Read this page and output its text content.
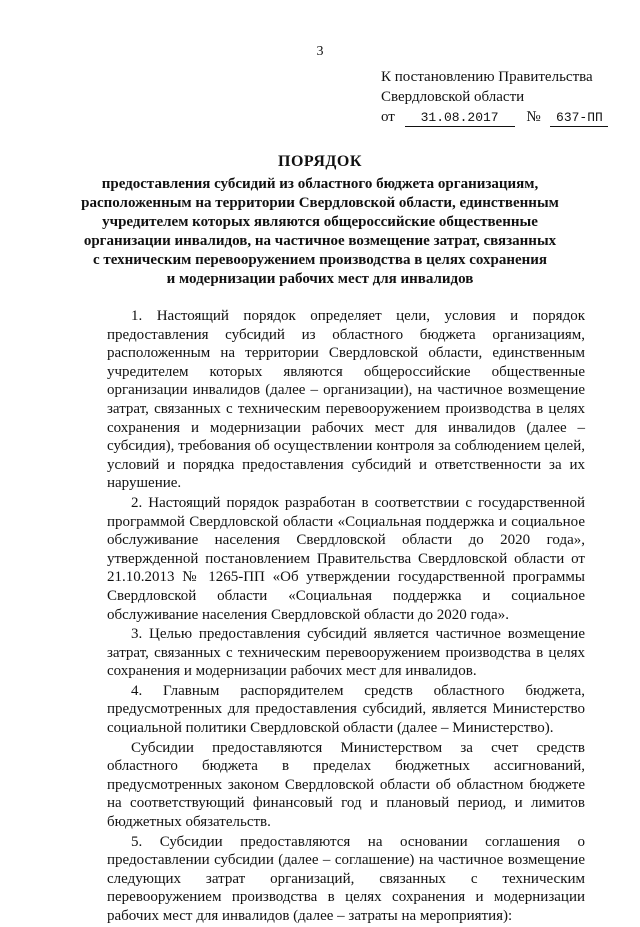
3
К постановлению Правительства
Свердловской области
от 31.08.2017 № 637-ПП
ПОРЯДОК
предоставления субсидий из областного бюджета организациям,
расположенным на территории Свердловской области, единственным
учредителем которых являются общероссийские общественные
организации инвалидов, на частичное возмещение затрат, связанных
с техническим перевооружением производства в целях сохранения
и модернизации рабочих мест для инвалидов

1. Настоящий порядок определяет цели, условия и порядок предоставления субсидий из областного бюджета организациям, расположенным на территории Свердловской области, единственным учредителем которых являются общероссийские общественные организации инвалидов (далее – организации), на частичное возмещение затрат, связанных с техническим перевооружением производства в целях сохранения и модернизации рабочих мест для инвалидов (далее – субсидия), требования об осуществлении контроля за соблюдением целей, условий и порядка предоставления субсидий и ответственности за их нарушение.

2. Настоящий порядок разработан в соответствии с государственной программой Свердловской области «Социальная поддержка и социальное обслуживание населения Свердловской области до 2020 года», утвержденной постановлением Правительства Свердловской области от 21.10.2013 № 1265-ПП «Об утверждении государственной программы Свердловской области «Социальная поддержка и социальное обслуживание населения Свердловской области до 2020 года».

3. Целью предоставления субсидий является частичное возмещение затрат, связанных с техническим перевооружением производства в целях сохранения и модернизации рабочих мест для инвалидов.

4. Главным распорядителем средств областного бюджета, предусмотренных для предоставления субсидий, является Министерство социальной политики Свердловской области (далее – Министерство).

Субсидии предоставляются Министерством за счет средств областного бюджета в пределах бюджетных ассигнований, предусмотренных законом Свердловской области об областном бюджете на соответствующий финансовый год и плановый период, и лимитов бюджетных обязательств.

5. Субсидии предоставляются на основании соглашения о предоставлении субсидии (далее – соглашение) на частичное возмещение следующих затрат организаций, связанных с техническим перевооружением производства в целях сохранения и модернизации рабочих мест для инвалидов (далее – затраты на мероприятия):
